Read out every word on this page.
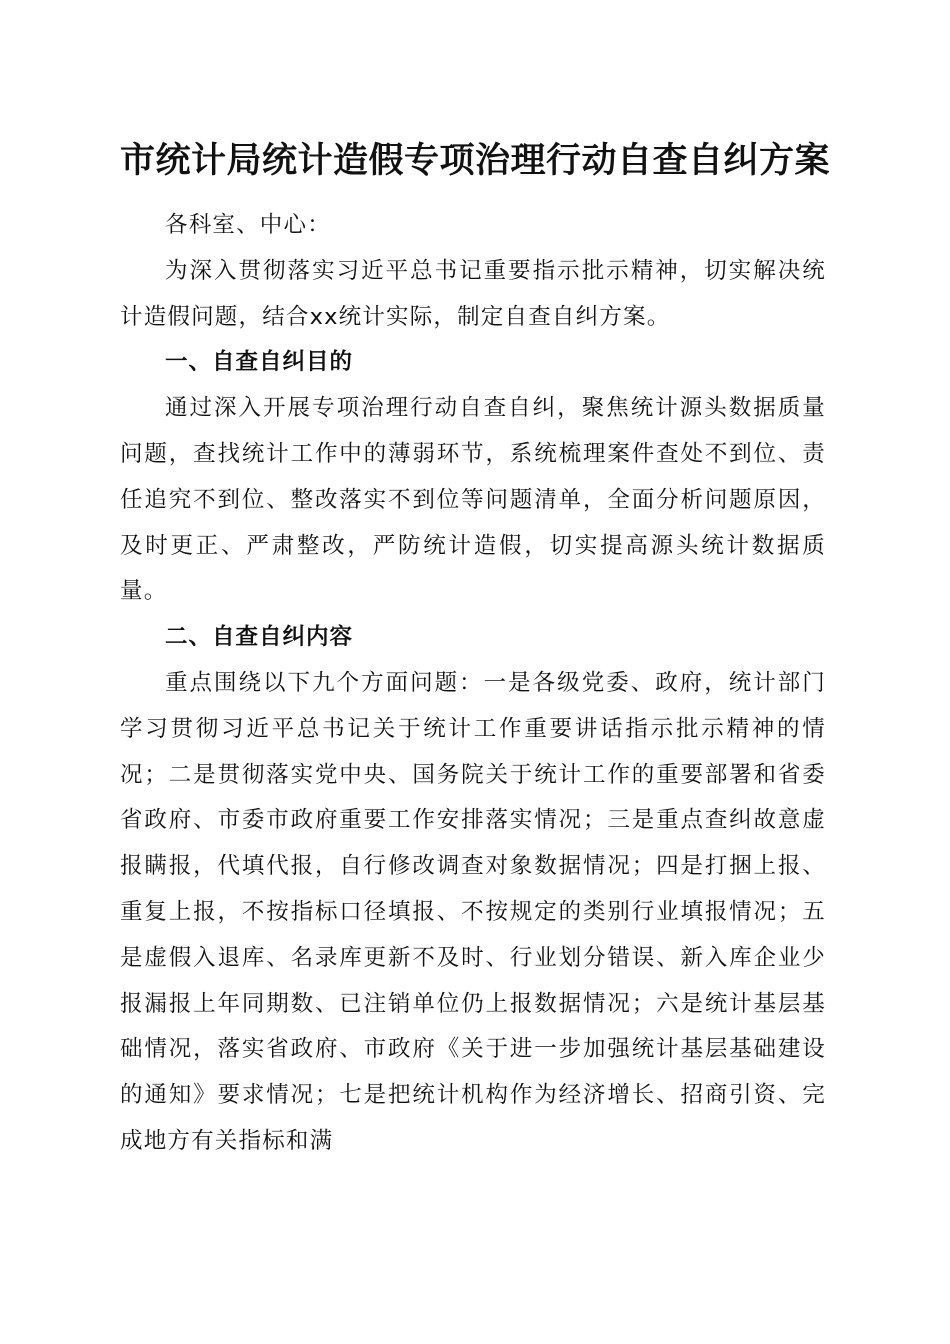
市统计局统计造假专项治理行动自查自纠方案

各科室、中心：

为深入贯彻落实习近平总书记重要指示批示精神，切实解决统计造假问题，结合xx统计实际，制定自查自纠方案。

一、自查自纠目的

通过深入开展专项治理行动自查自纠，聚焦统计源头数据质量问题，查找统计工作中的薄弱环节，系统梳理案件查处不到位、责任追究不到位、整改落实不到位等问题清单，全面分析问题原因，及时更正、严肃整改，严防统计造假，切实提高源头统计数据质量。

二、自查自纠内容

重点围绕以下九个方面问题：一是各级党委、政府，统计部门学习贯彻习近平总书记关于统计工作重要讲话指示批示精神的情况；二是贯彻落实党中央、国务院关于统计工作的重要部署和省委省政府、市委市政府重要工作安排落实情况；三是重点查纠故意虚报瞒报，代填代报，自行修改调查对象数据情况；四是打捆上报、重复上报，不按指标口径填报、不按规定的类别行业填报情况；五是虚假入退库、名录库更新不及时、行业划分错误、新入库企业少报漏报上年同期数、已注销单位仍上报数据情况；六是统计基层基础情况，落实省政府、市政府《关于进一步加强统计基层基础建设的通知》要求情况；七是把统计机构作为经济增长、招商引资、完成地方有关指标和满
